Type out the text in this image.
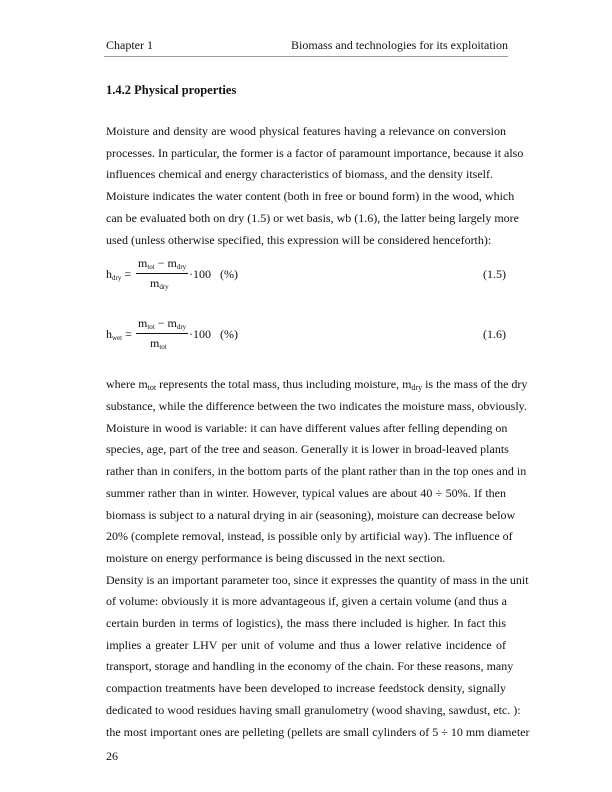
Chapter 1	Biomass and technologies for its exploitation
1.4.2 Physical properties
Moisture and density are wood physical features having a relevance on conversion
processes. In particular, the former is a factor of paramount importance, because it also
influences chemical and energy characteristics of biomass, and the density itself.
Moisture indicates the water content (both in free or bound form) in the wood, which
can be evaluated both on dry (1.5) or wet basis, wb (1.6), the latter being largely more
used (unless otherwise specified, this expression will be considered henceforth):
$h_{dry}$ =
$m_{tot} - m_{dry}$
$m_{dry}$
·100 (%)	(1.5)
$h_{wet}$ =
$m_{tot} - m_{dry}$
$m_{tot}$
·100 (%)	(1.6)
where $m_{tot}$ represents the total mass, thus including moisture, $m_{dry}$ is the mass of the dry
substance, while the difference between the two indicates the moisture mass, obviously.
Moisture in wood is variable: it can have different values after felling depending on
species, age, part of the tree and season. Generally it is lower in broad-leaved plants
rather than in conifers, in the bottom parts of the plant rather than in the top ones and in
summer rather than in winter. However, typical values are about 40 ÷ 50%. If then
biomass is subject to a natural drying in air (seasoning), moisture can decrease below
20% (complete removal, instead, is possible only by artificial way). The influence of
moisture on energy performance is being discussed in the next section.
Density is an important parameter too, since it expresses the quantity of mass in the unit
of volume: obviously it is more advantageous if, given a certain volume (and thus a
certain burden in terms of logistics), the mass there included is higher. In fact this
implies a greater LHV per unit of volume and thus a lower relative incidence of
transport, storage and handling in the economy of the chain. For these reasons, many
compaction treatments have been developed to increase feedstock density, signally
dedicated to wood residues having small granulometry (wood shaving, sawdust, etc. ):
the most important ones are pelleting (pellets are small cylinders of 5 ÷ 10 mm diameter
26
